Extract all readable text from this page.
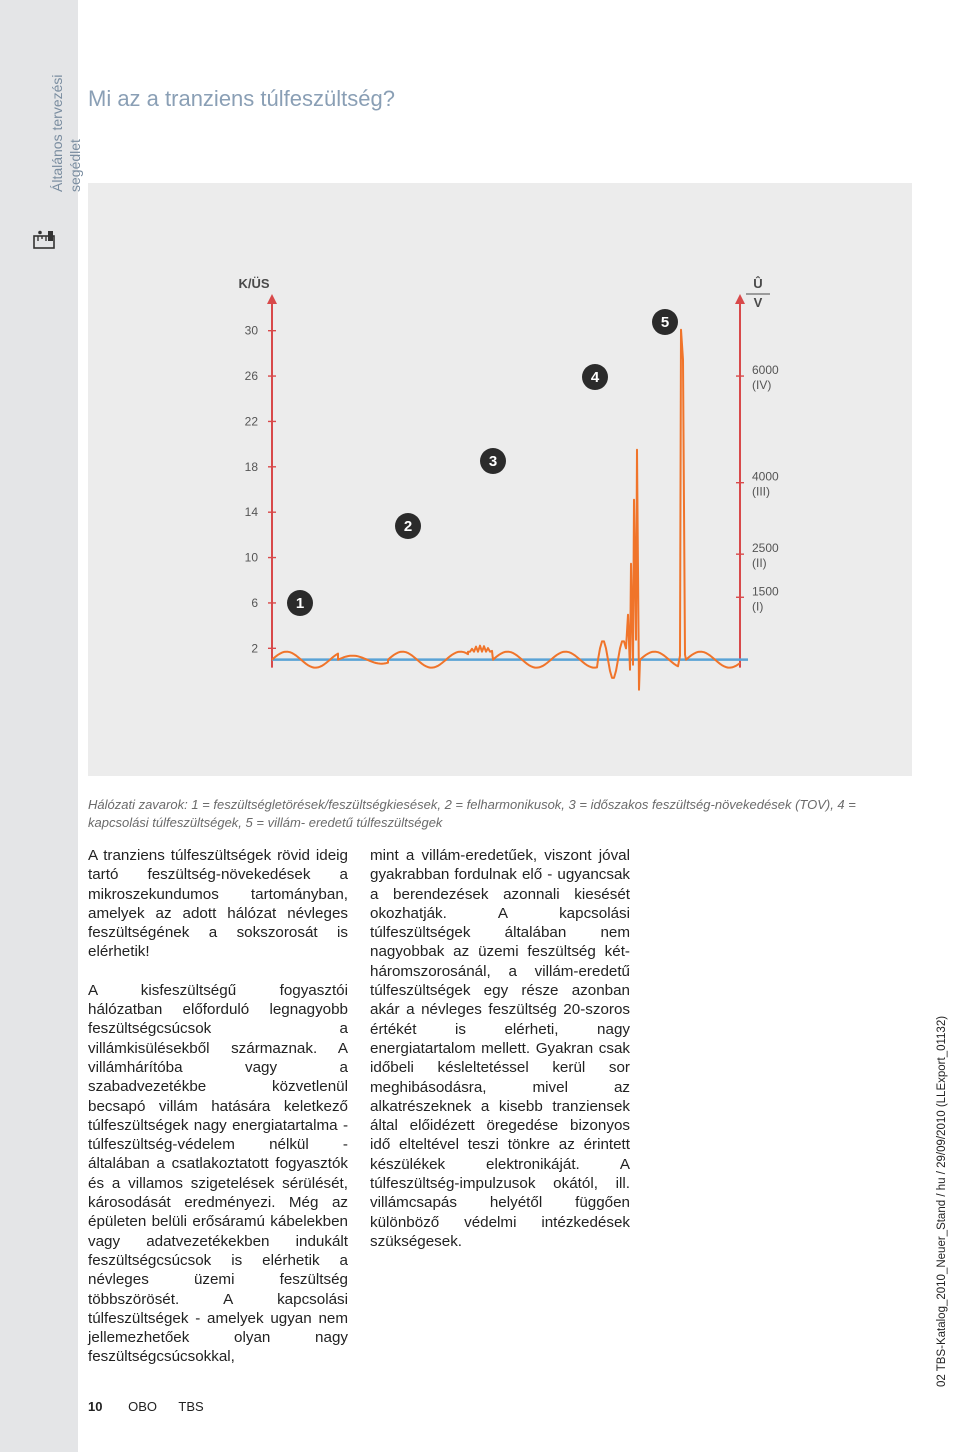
Általános tervezési segédlet
Mi az a tranziens túlfeszültség?
K/ÜS
30
26
22
18
14
10
6
2
Û
V
6000
(IV)
4000
(III)
2500
(II)
1500
(I)
1
2
3
4
5
Hálózati zavarok: 1 = feszültségletörések/feszültségkiesések, 2 = felharmonikusok, 3 = időszakos feszültség-növekedések (TOV), 4 = kapcsolási túlfeszültségek, 5 = villám- eredetű túlfeszültségek

A tranziens túlfeszültségek rövid ideig tartó feszültség-növekedések a mikroszekundumos tartományban, amelyek az adott hálózat névleges feszültségének a sokszorosát is elérhetik!

A kisfeszültségű fogyasztói hálózatban előforduló legnagyobb feszültségcsúcsok a villámkisülésekből származnak. A villámhárítóba vagy a szabadvezetékbe közvetlenül becsapó villám hatására keletkező túlfeszültségek nagy energiatartalma - túlfeszültség-védelem nélkül - általában a csatlakoztatott fogyasztók és a villamos szigetelések sérülését, károsodását eredményezi. Még az épületen belüli erősáramú kábelekben vagy adatvezetékekben indukált feszültségcsúcsok is elérhetik a névleges üzemi feszültség többszörösét. A kapcsolási túlfeszültségek - amelyek ugyan nem jellemezhetőek olyan nagy feszültségcsúcsokkal,

mint a villám-eredetűek, viszont jóval gyakrabban fordulnak elő - ugyancsak a berendezések azonnali kiesését okozhatják. A kapcsolási túlfeszültségek általában nem nagyobbak az üzemi feszültség két- háromszorosánál, a villám-eredetű túlfeszültségek egy része azonban akár a névleges feszültség 20-szoros értékét is elérheti, nagy energiatartalom mellett. Gyakran csak időbeli késleltetéssel kerül sor meghibásodásra, mivel az alkatrészeknek a kisebb tranziensek által előidézett öregedése bizonyos idő elteltével teszi tönkre az érintett készülékek elektronikáját. A túlfeszültség-impulzusok okától, ill. villámcsapás helyétől függően különböző védelmi intézkedések szükségesek.	02 TBS-Katalog_2010_Neuer_Stand / hu / 29/09/2010 (LLExport_01132)
10 OBO TBS
